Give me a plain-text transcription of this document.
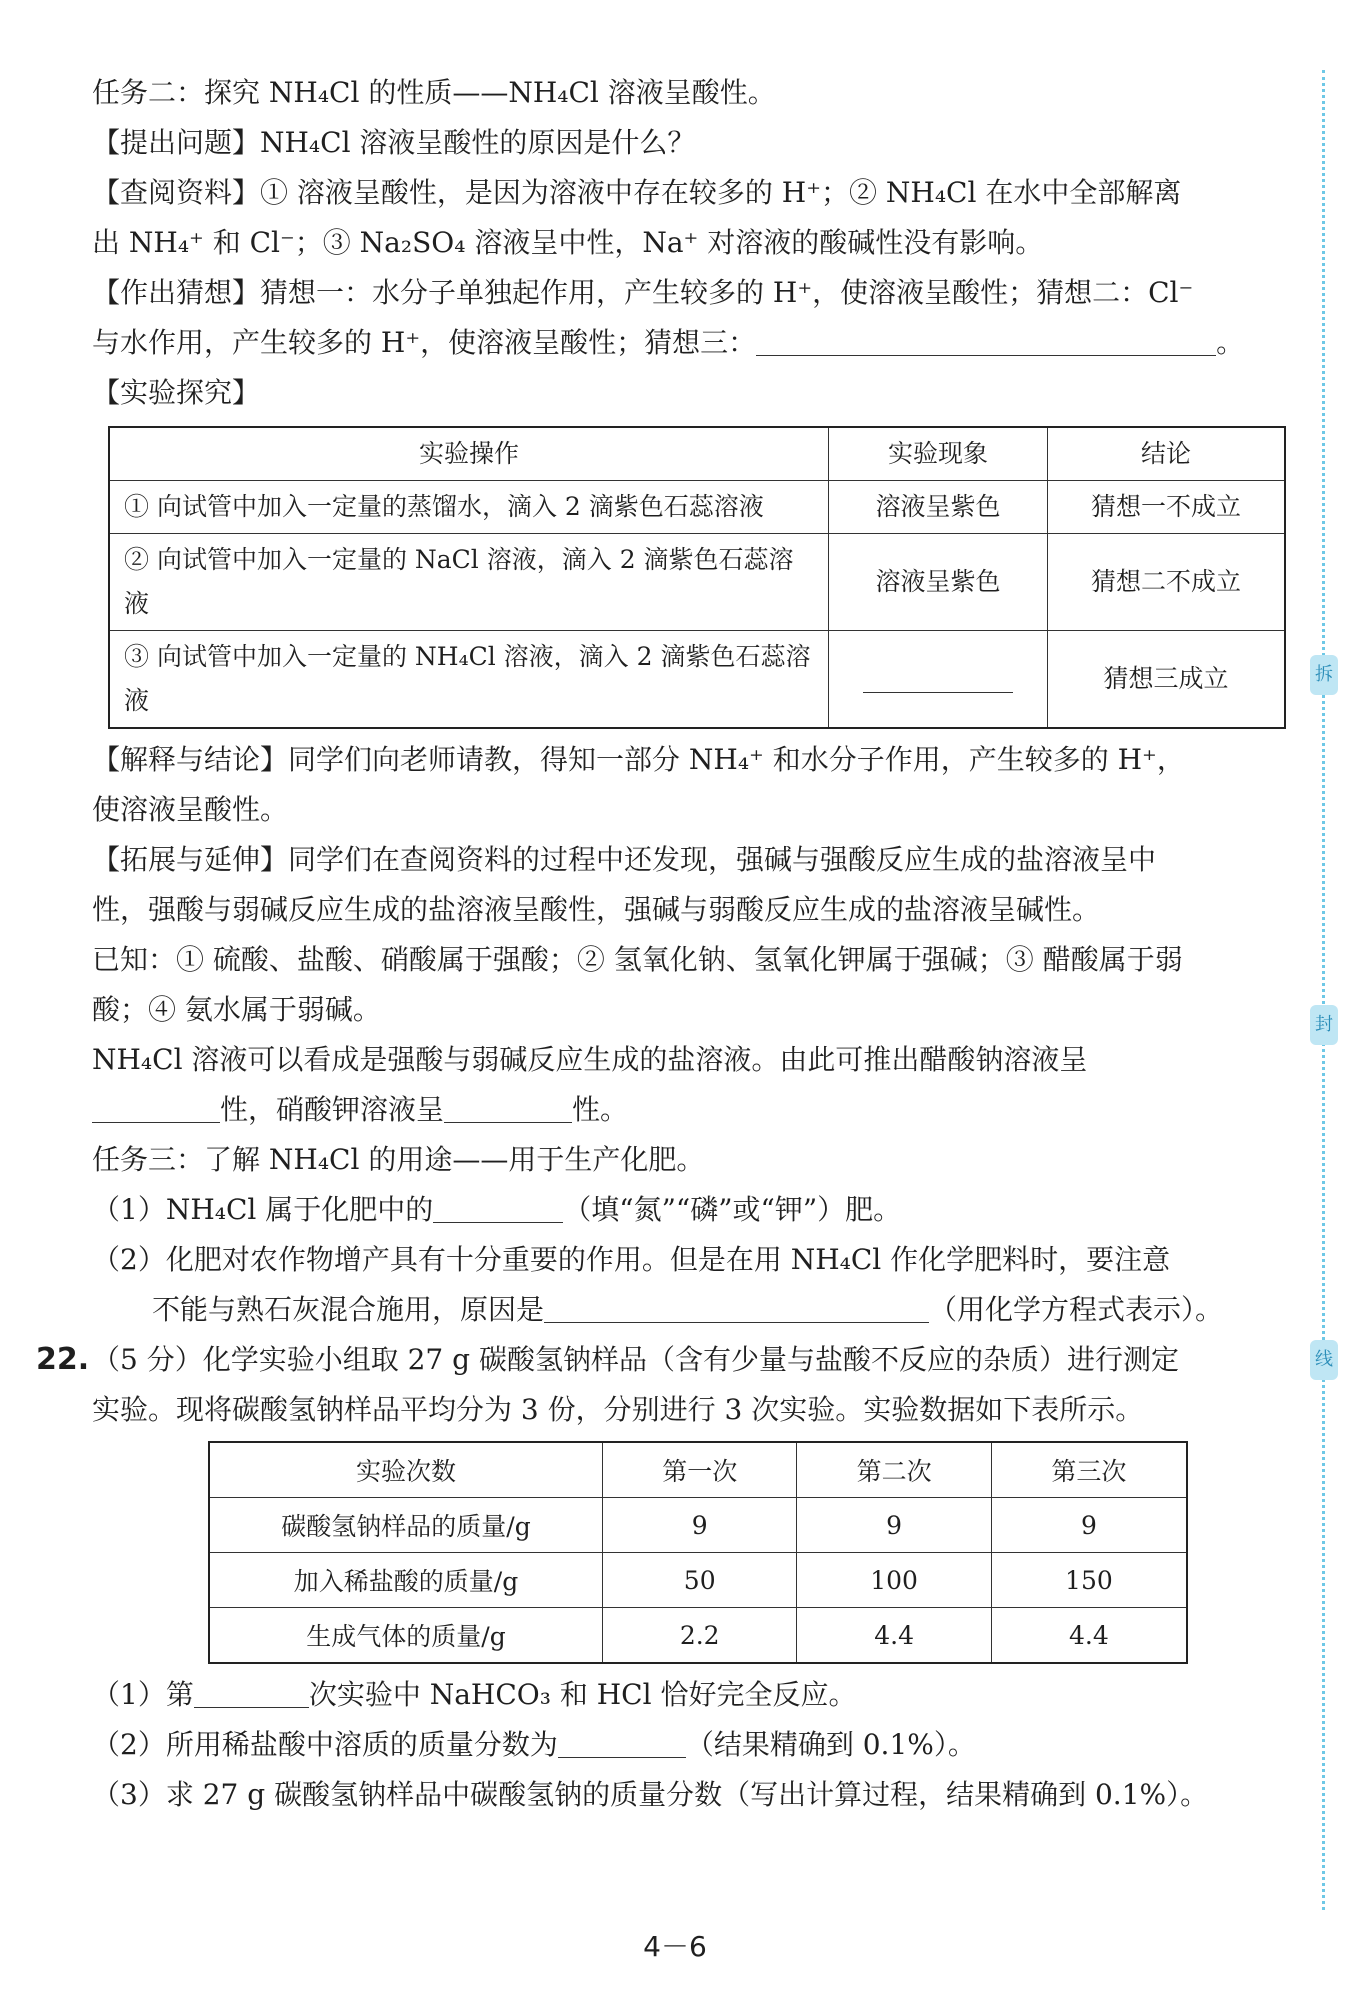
任务二：探究 NH₄Cl 的性质——NH₄Cl 溶液呈酸性。
【提出问题】NH₄Cl 溶液呈酸性的原因是什么？
【查阅资料】① 溶液呈酸性，是因为溶液中存在较多的 H⁺；② NH₄Cl 在水中全部解离
出 NH₄⁺ 和 Cl⁻；③ Na₂SO₄ 溶液呈中性，Na⁺ 对溶液的酸碱性没有影响。
【作出猜想】猜想一：水分子单独起作用，产生较多的 H⁺，使溶液呈酸性；猜想二：Cl⁻
与水作用，产生较多的 H⁺，使溶液呈酸性；猜想三：	。
【实验探究】
实验操作	实验现象	结论
① 向试管中加入一定量的蒸馏水，滴入 2 滴紫色石蕊溶液	溶液呈紫色	猜想一不成立
② 向试管中加入一定量的 NaCl 溶液，滴入 2 滴紫色石蕊溶液	溶液呈紫色	猜想二不成立
③ 向试管中加入一定量的 NH₄Cl 溶液，滴入 2 滴紫色石蕊溶液		猜想三成立
【解释与结论】同学们向老师请教，得知一部分 NH₄⁺ 和水分子作用，产生较多的 H⁺，
使溶液呈酸性。
【拓展与延伸】同学们在查阅资料的过程中还发现，强碱与强酸反应生成的盐溶液呈中
性，强酸与弱碱反应生成的盐溶液呈酸性，强碱与弱酸反应生成的盐溶液呈碱性。
已知：① 硫酸、盐酸、硝酸属于强酸；② 氢氧化钠、氢氧化钾属于强碱；③ 醋酸属于弱
酸；④ 氨水属于弱碱。
NH₄Cl 溶液可以看成是强酸与弱碱反应生成的盐溶液。由此可推出醋酸钠溶液呈
性，硝酸钾溶液呈	性。
任务三：了解 NH₄Cl 的用途——用于生产化肥。
（1）NH₄Cl 属于化肥中的	（填“氮”“磷”或“钾”）肥。
（2）化肥对农作物增产具有十分重要的作用。但是在用 NH₄Cl 作化学肥料时，要注意
不能与熟石灰混合施用，原因是	（用化学方程式表示）。
22. （5 分）化学实验小组取 27 g 碳酸氢钠样品（含有少量与盐酸不反应的杂质）进行测定
实验。现将碳酸氢钠样品平均分为 3 份，分别进行 3 次实验。实验数据如下表所示。
实验次数	第一次	第二次	第三次
碳酸氢钠样品的质量/g	9	9	9
加入稀盐酸的质量/g	50	100	150
生成气体的质量/g	2.2	4.4	4.4
（1）第	次实验中 NaHCO₃ 和 HCl 恰好完全反应。
（2）所用稀盐酸中溶质的质量分数为	（结果精确到 0.1%）。
（3）求 27 g 碳酸氢钠样品中碳酸氢钠的质量分数（写出计算过程，结果精确到 0.1%）。
拆
封
线
4－6
